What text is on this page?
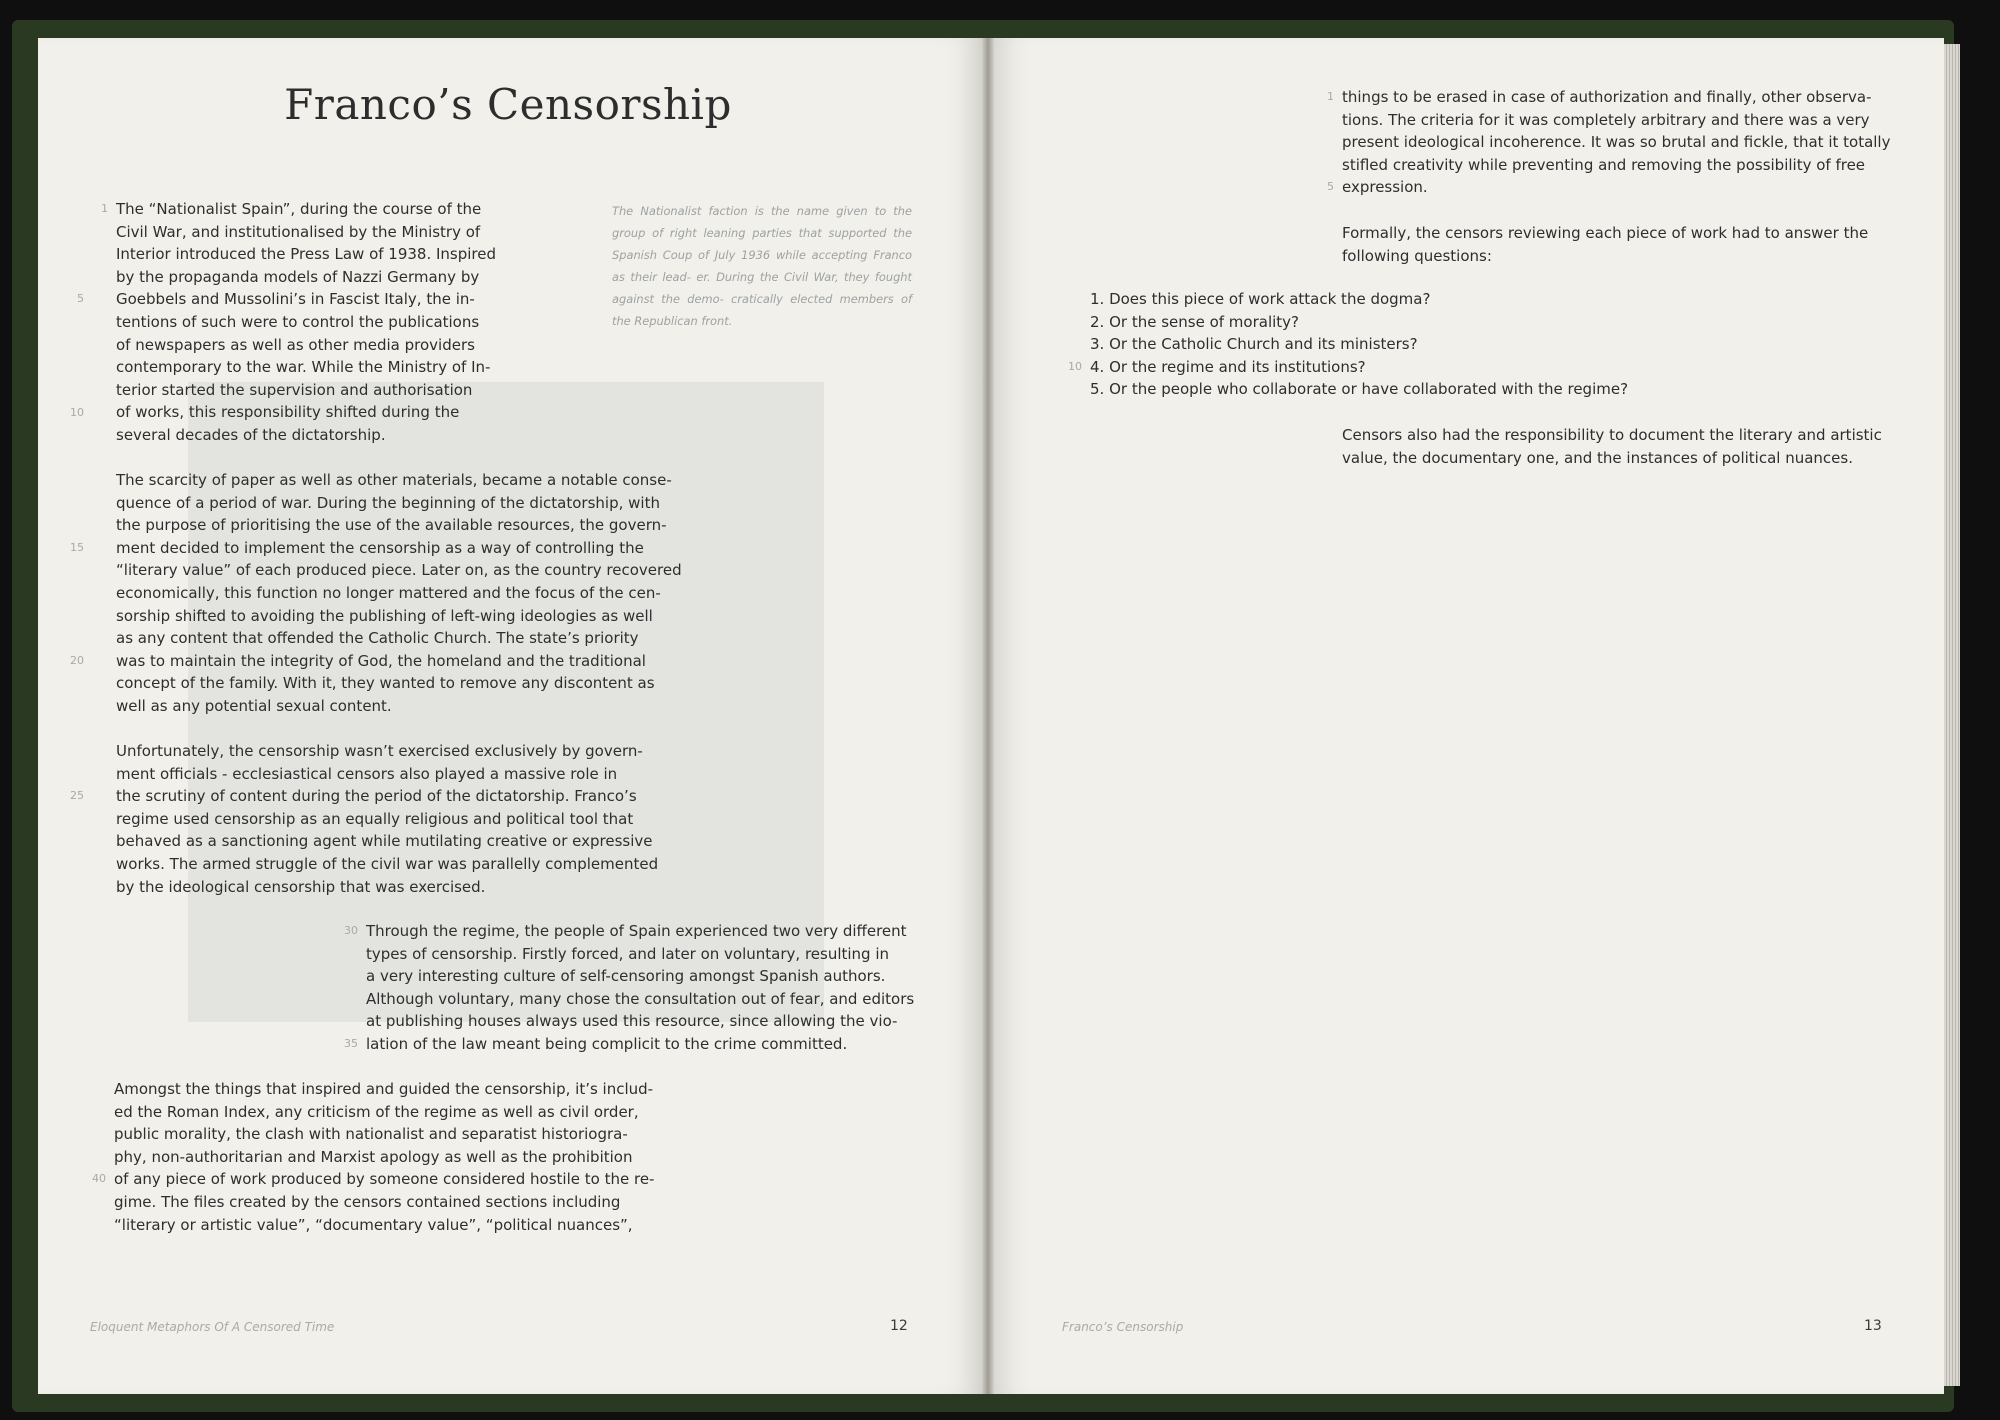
Franco’s Censorship
The Nationalist faction is the name given to the group of right leaning parties that supported the Spanish Coup of July 1936 while accepting Franco as their lead- er. During the Civil War, they fought against the demo- cratically elected members of the Republican front.

The “Nationalist Spain”, during the course of the

Civil War, and institutionalised by the Ministry of

Interior introduced the Press Law of 1938. Inspired

by the propaganda models of Nazzi Germany by

Goebbels and Mussolini’s in Fascist Italy, the in-

tentions of such were to control the publications

of newspapers as well as other media providers

contemporary to the war. While the Ministry of In-

terior started the supervision and authorisation

of works, this responsibility shifted during the

several decades of the dictatorship.

The scarcity of paper as well as other materials, became a notable conse-

quence of a period of war. During the beginning of the dictatorship, with

the purpose of prioritising the use of the available resources, the govern-

ment decided to implement the censorship as a way of controlling the

“literary value” of each produced piece. Later on, as the country recovered

economically, this function no longer mattered and the focus of the cen-

sorship shifted to avoiding the publishing of left-wing ideologies as well

as any content that offended the Catholic Church. The state’s priority

was to maintain the integrity of God, the homeland and the traditional

concept of the family. With it, they wanted to remove any discontent as

well as any potential sexual content.

Unfortunately, the censorship wasn’t exercised exclusively by govern-

ment officials - ecclesiastical censors also played a massive role in

the scrutiny of content during the period of the dictatorship. Franco’s

regime used censorship as an equally religious and political tool that

behaved as a sanctioning agent while mutilating creative or expressive

works. The armed struggle of the civil war was parallelly complemented

by the ideological censorship that was exercised.

Through the regime, the people of Spain experienced two very different

types of censorship. Firstly forced, and later on voluntary, resulting in

a very interesting culture of self-censoring amongst Spanish authors.

Although voluntary, many chose the consultation out of fear, and editors

at publishing houses always used this resource, since allowing the vio-

lation of the law meant being complicit to the crime committed.

Amongst the things that inspired and guided the censorship, it’s includ-

ed the Roman Index, any criticism of the regime as well as civil order,

public morality, the clash with nationalist and separatist historiogra-

phy, non-authoritarian and Marxist apology as well as the prohibition

of any piece of work produced by someone considered hostile to the re-

gime. The files created by the censors contained sections including

“literary or artistic value”, “documentary value”, “political nuances”,

1
5
10
15
20
25
30
35
40
Eloquent Metaphors Of A Censored Time	12

things to be erased in case of authorization and finally, other observa-

tions. The criteria for it was completely arbitrary and there was a very

present ideological incoherence. It was so brutal and fickle, that it totally

stifled creativity while preventing and removing the possibility of free

expression.

Formally, the censors reviewing each piece of work had to answer the

following questions:

1. Does this piece of work attack the dogma?
2. Or the sense of morality?
3. Or the Catholic Church and its ministers?
4. Or the regime and its institutions?
5. Or the people who collaborate or have collaborated with the regime?

Censors also had the responsibility to document the literary and artistic

value, the documentary one, and the instances of political nuances.

1
5
10
Franco’s Censorship	13
